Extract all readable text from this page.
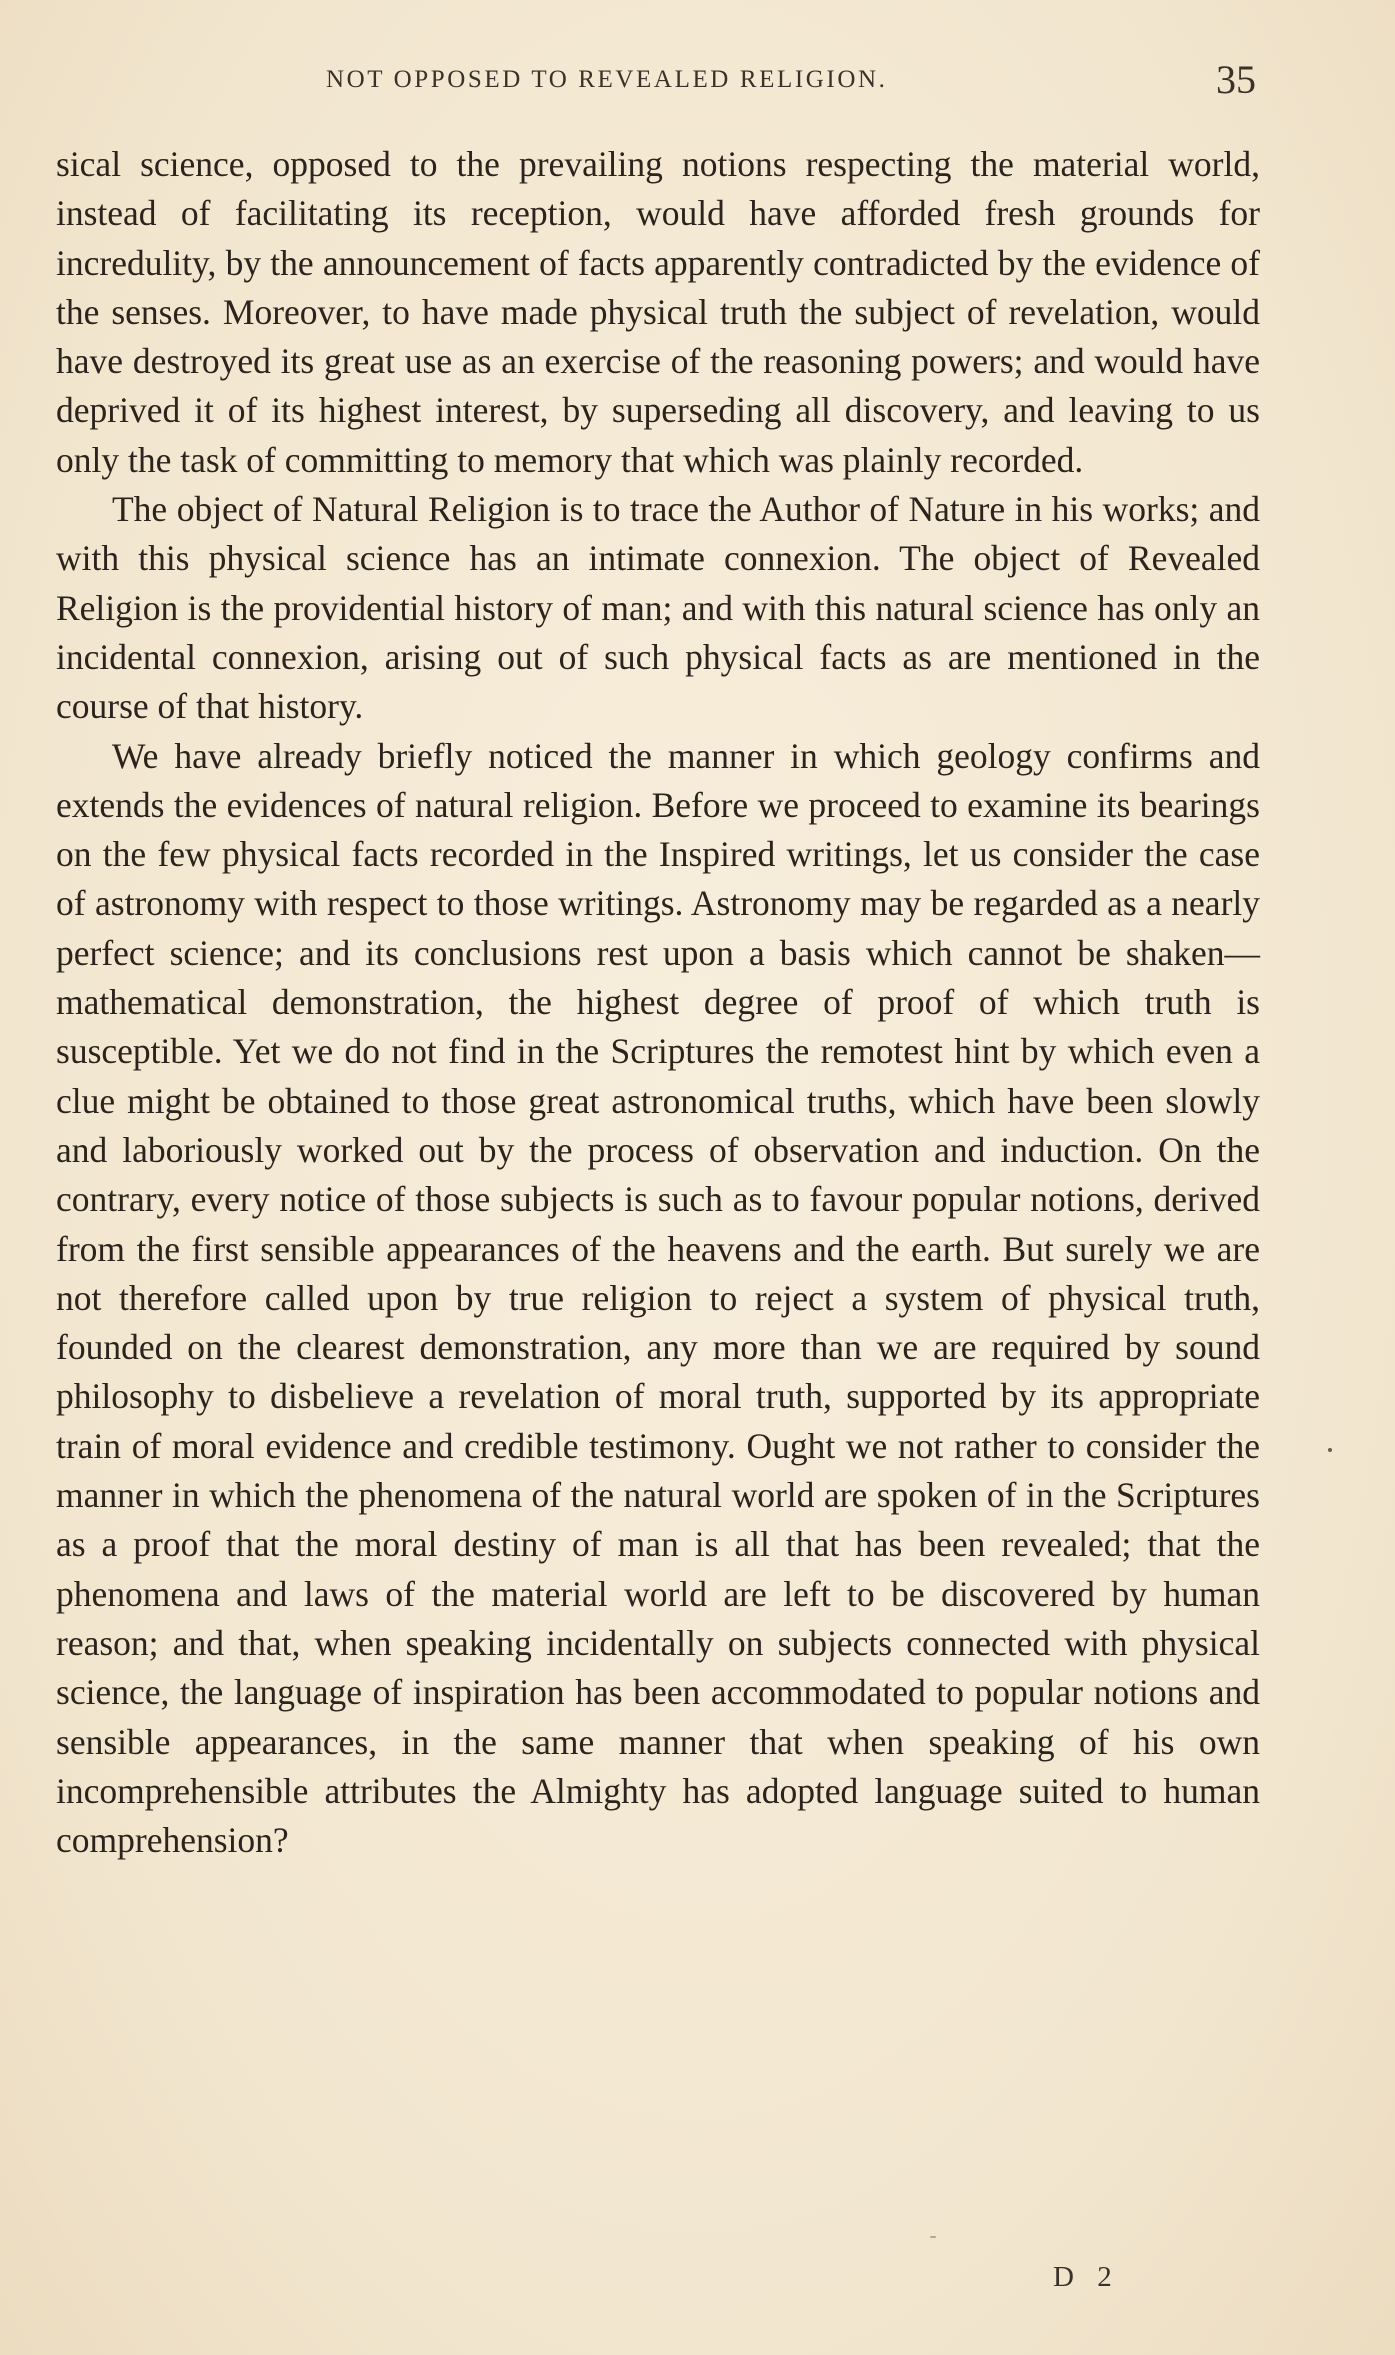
NOT OPPOSED TO REVEALED RELIGION.	35

sical science, opposed to the prevailing notions respecting the material world, instead of facilitating its reception, would have afforded fresh grounds for incredulity, by the announcement of facts apparently contradicted by the evidence of the senses. Moreover, to have made physical truth the subject of revelation, would have destroyed its great use as an exercise of the reasoning powers; and would have deprived it of its highest interest, by superseding all discovery, and leaving to us only the task of committing to memory that which was plainly recorded.

The object of Natural Religion is to trace the Author of Nature in his works; and with this physical science has an intimate connexion. The object of Revealed Religion is the providential history of man; and with this natural science has only an incidental connexion, arising out of such physical facts as are mentioned in the course of that history.

We have already briefly noticed the manner in which geology confirms and extends the evidences of natural religion. Before we proceed to examine its bearings on the few physical facts recorded in the Inspired writings, let us consider the case of astronomy with respect to those writings. Astronomy may be regarded as a nearly perfect science; and its conclusions rest upon a basis which cannot be shaken—mathematical demonstration, the highest degree of proof of which truth is susceptible. Yet we do not find in the Scriptures the remotest hint by which even a clue might be obtained to those great astronomical truths, which have been slowly and laboriously worked out by the process of observation and induction. On the contrary, every notice of those subjects is such as to favour popular notions, derived from the first sensible appearances of the heavens and the earth. But surely we are not therefore called upon by true religion to reject a system of physical truth, founded on the clearest demonstration, any more than we are required by sound philosophy to disbelieve a revelation of moral truth, supported by its appropriate train of moral evidence and credible testimony. Ought we not rather to consider the manner in which the phenomena of the natural world are spoken of in the Scriptures as a proof that the moral destiny of man is all that has been revealed; that the phenomena and laws of the material world are left to be discovered by human reason; and that, when speaking incidentally on subjects connected with physical science, the language of inspiration has been accommodated to popular notions and sensible appearances, in the same manner that when speaking of his own incomprehensible attributes the Almighty has adopted language suited to human comprehension?

D 2
